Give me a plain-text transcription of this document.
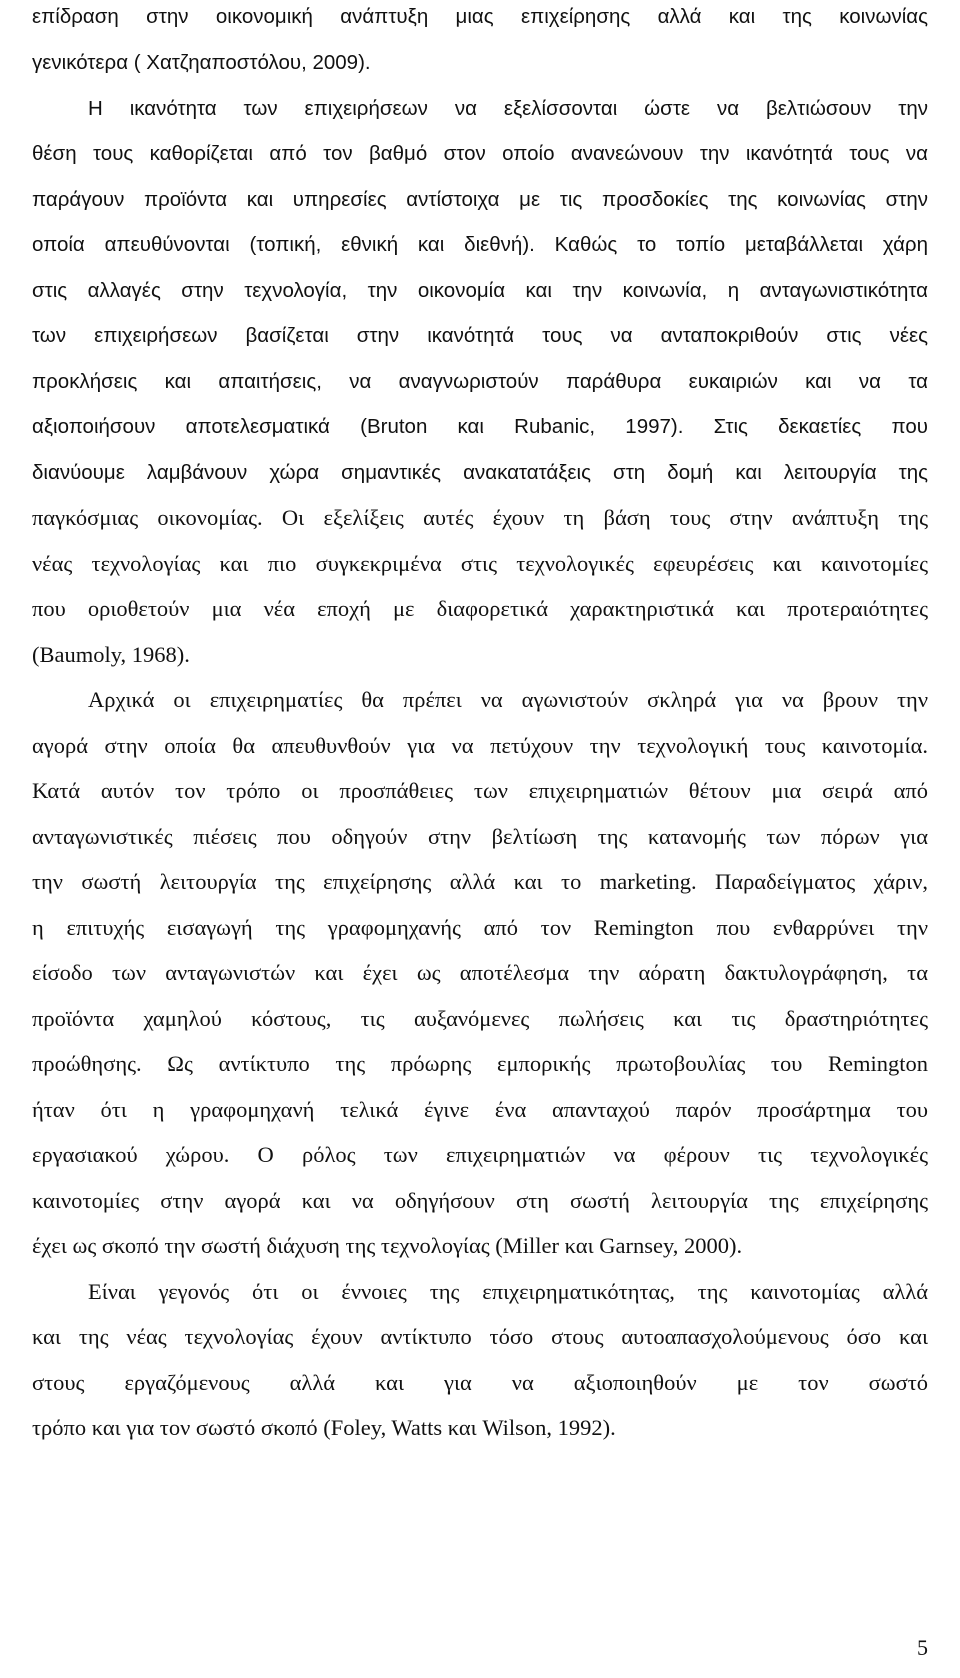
επίδραση στην οικονομική ανάπτυξη μιας επιχείρησης αλλά και της κοινωνίας
γενικότερα ( Χατζηαποστόλου, 2009).
Η ικανότητα των επιχειρήσεων να εξελίσσονται ώστε να βελτιώσουν την
θέση τους καθορίζεται από τον βαθμό στον οποίο ανανεώνουν την ικανότητά τους να
παράγουν προϊόντα και υπηρεσίες αντίστοιχα με τις προσδοκίες της κοινωνίας στην
οποία απευθύνονται (τοπική, εθνική και διεθνή). Καθώς το τοπίο μεταβάλλεται χάρη
στις αλλαγές στην τεχνολογία, την οικονομία και την κοινωνία, η ανταγωνιστικότητα
των επιχειρήσεων βασίζεται στην ικανότητά τους να ανταποκριθούν στις νέες
προκλήσεις και απαιτήσεις, να αναγνωριστούν παράθυρα ευκαιριών και να τα
αξιοποιήσουν αποτελεσματικά (Bruton και Rubanic, 1997). Στις δεκαετίες που
διανύουμε λαμβάνουν χώρα σημαντικές ανακατατάξεις στη δομή και λειτουργία της
παγκόσμιας οικονομίας. Οι εξελίξεις αυτές έχουν τη βάση τους στην ανάπτυξη της
νέας τεχνολογίας και πιο συγκεκριμένα στις τεχνολογικές εφευρέσεις και καινοτομίες
που οριοθετούν μια νέα εποχή με διαφορετικά χαρακτηριστικά και προτεραιότητες
(Baumoly, 1968).
Αρχικά οι επιχειρηματίες θα πρέπει να αγωνιστούν σκληρά για να βρουν την
αγορά στην οποία θα απευθυνθούν για να πετύχουν την τεχνολογική τους καινοτομία.
Κατά αυτόν τον τρόπο οι προσπάθειες των επιχειρηματιών θέτουν μια σειρά από
ανταγωνιστικές πιέσεις που οδηγούν στην βελτίωση της κατανομής των πόρων για
την σωστή λειτουργία της επιχείρησης αλλά και το marketing. Παραδείγματος χάριν,
η επιτυχής εισαγωγή της γραφομηχανής από τον Remington που ενθαρρύνει την
είσοδο των ανταγωνιστών και έχει ως αποτέλεσμα την αόρατη δακτυλογράφηση, τα
προϊόντα χαμηλού κόστους, τις αυξανόμενες πωλήσεις και τις δραστηριότητες
προώθησης. Ως αντίκτυπο της πρόωρης εμπορικής πρωτοβουλίας του Remington
ήταν ότι η γραφομηχανή τελικά έγινε ένα απανταχού παρόν προσάρτημα του
εργασιακού χώρου. Ο ρόλος των επιχειρηματιών να φέρουν τις τεχνολογικές
καινοτομίες στην αγορά και να οδηγήσουν στη σωστή λειτουργία της επιχείρησης
έχει ως σκοπό την σωστή διάχυση της τεχνολογίας (Miller και Garnsey, 2000).
Είναι γεγονός ότι οι έννοιες της επιχειρηματικότητας, της καινοτομίας αλλά
και της νέας τεχνολογίας έχουν αντίκτυπο τόσο στους αυτοαπασχολούμενους όσο και
στους εργαζόμενους αλλά και για να αξιοποιηθούν με τον σωστό
τρόπο και για τον σωστό σκοπό (Foley, Watts και Wilson, 1992).
5
